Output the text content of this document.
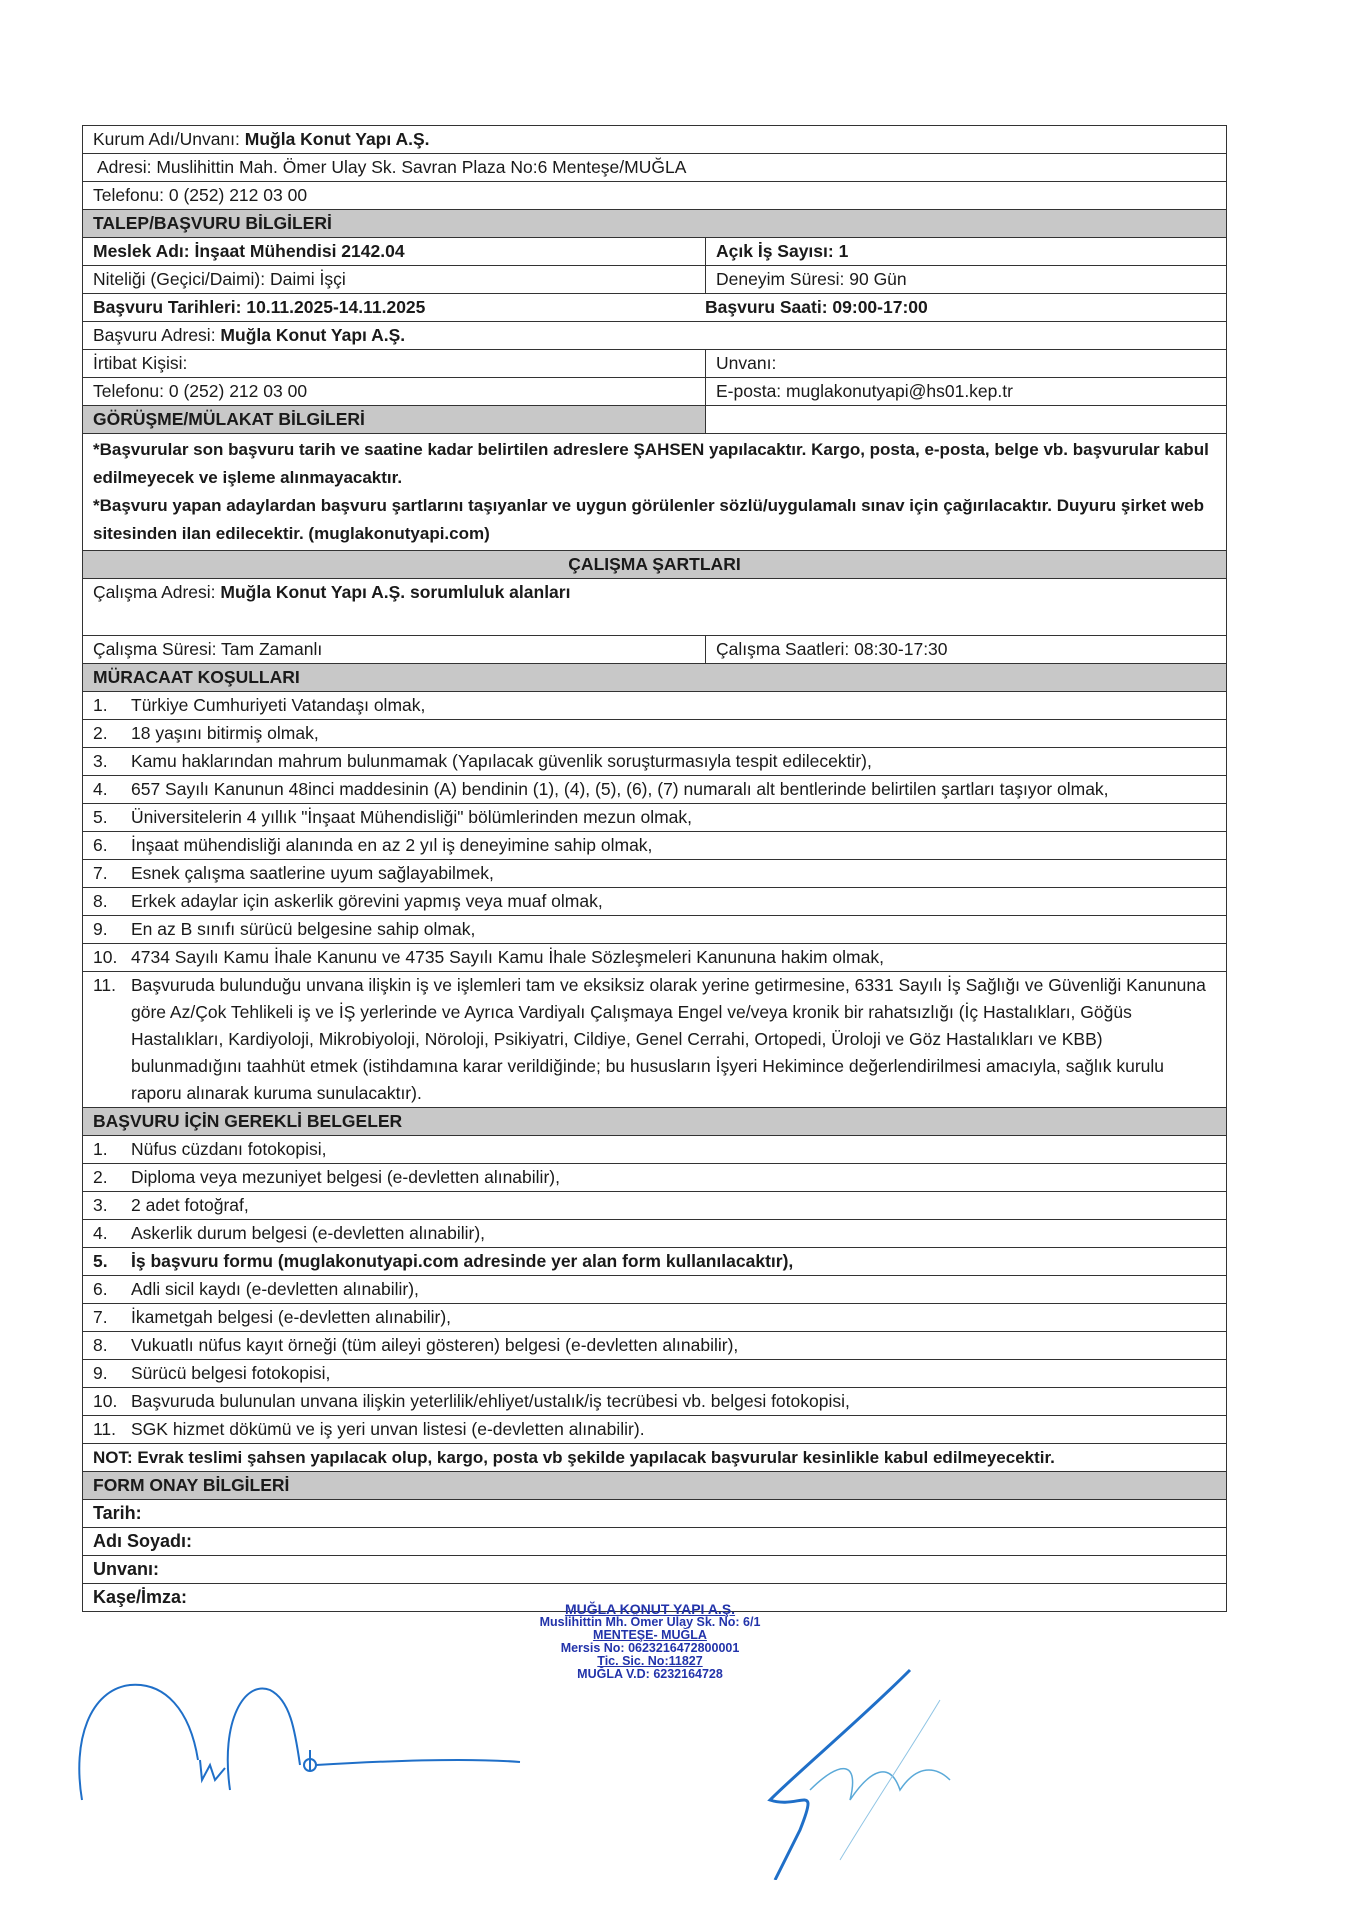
Kurum Adı/Unvanı: Muğla Konut Yapı A.Ş.
Adresi: Muslihittin Mah. Ömer Ulay Sk. Savran Plaza No:6 Menteşe/MUĞLA
Telefonu: 0 (252) 212 03 00
TALEP/BAŞVURU BİLGİLERİ
Meslek Adı: İnşaat Mühendisi 2142.04	Açık İş Sayısı: 1
Niteliği (Geçici/Daimi): Daimi İşçi	Deneyim Süresi: 90 Gün
Başvuru Tarihleri: 10.11.2025-14.11.2025	Başvuru Saati: 09:00-17:00
Başvuru Adresi: Muğla Konut Yapı A.Ş.
İrtibat Kişisi:	Unvanı:
Telefonu: 0 (252) 212 03 00	E-posta: muglakonutyapi@hs01.kep.tr
GÖRÜŞME/MÜLAKAT BİLGİLERİ
*Başvurular son başvuru tarih ve saatine kadar belirtilen adreslere ŞAHSEN yapılacaktır. Kargo, posta, e-posta, belge vb. başvurular kabul edilmeyecek ve işleme alınmayacaktır.
*Başvuru yapan adaylardan başvuru şartlarını taşıyanlar ve uygun görülenler sözlü/uygulamalı sınav için çağırılacaktır. Duyuru şirket web sitesinden ilan edilecektir. (muglakonutyapi.com)
ÇALIŞMA ŞARTLARI
Çalışma Adresi: Muğla Konut Yapı A.Ş. sorumluluk alanları
Çalışma Süresi: Tam Zamanlı	Çalışma Saatleri: 08:30-17:30
MÜRACAAT KOŞULLARI
1.	Türkiye Cumhuriyeti Vatandaşı olmak,
2.	18 yaşını bitirmiş olmak,
3.	Kamu haklarından mahrum bulunmamak (Yapılacak güvenlik soruşturmasıyla tespit edilecektir),
4.	657 Sayılı Kanunun 48inci maddesinin (A) bendinin (1), (4), (5), (6), (7) numaralı alt bentlerinde belirtilen şartları taşıyor olmak,
5.	Üniversitelerin 4 yıllık "İnşaat Mühendisliği" bölümlerinden mezun olmak,
6.	İnşaat mühendisliği alanında en az 2 yıl iş deneyimine sahip olmak,
7.	Esnek çalışma saatlerine uyum sağlayabilmek,
8.	Erkek adaylar için askerlik görevini yapmış veya muaf olmak,
9.	En az B sınıfı sürücü belgesine sahip olmak,
10. 4734 Sayılı Kamu İhale Kanunu ve 4735 Sayılı Kamu İhale Sözleşmeleri Kanununa hakim olmak,
11. Başvuruda bulunduğu unvana ilişkin iş ve işlemleri tam ve eksiksiz olarak yerine getirmesine, 6331 Sayılı İş Sağlığı ve Güvenliği Kanununa göre Az/Çok Tehlikeli iş ve İŞ yerlerinde ve Ayrıca Vardiyalı Çalışmaya Engel ve/veya kronik bir rahatsızlığı (İç Hastalıkları, Göğüs Hastalıkları, Kardiyoloji, Mikrobiyoloji, Nöroloji, Psikiyatri, Cildiye, Genel Cerrahi, Ortopedi, Üroloji ve Göz Hastalıkları ve KBB) bulunmadığını taahhüt etmek (istihdamına karar verildiğinde; bu hususların İşyeri Hekimince değerlendirilmesi amacıyla, sağlık kurulu raporu alınarak kuruma sunulacaktır).
BAŞVURU İÇİN GEREKLİ BELGELER
1.	Nüfus cüzdanı fotokopisi,
2.	Diploma veya mezuniyet belgesi (e-devletten alınabilir),
3.	2 adet fotoğraf,
4.	Askerlik durum belgesi (e-devletten alınabilir),
5.	İş başvuru formu (muglakonutyapi.com adresinde yer alan form kullanılacaktır),
6.	Adli sicil kaydı (e-devletten alınabilir),
7.	İkametgah belgesi (e-devletten alınabilir),
8.	Vukuatlı nüfus kayıt örneği (tüm aileyi gösteren) belgesi (e-devletten alınabilir),
9.	Sürücü belgesi fotokopisi,
10. Başvuruda bulunulan unvana ilişkin yeterlilik/ehliyet/ustalık/iş tecrübesi vb. belgesi fotokopisi,
11. SGK hizmet dökümü ve iş yeri unvan listesi (e-devletten alınabilir).
NOT: Evrak teslimi şahsen yapılacak olup, kargo, posta vb şekilde yapılacak başvurular kesinlikle kabul edilmeyecektir.
FORM ONAY BİLGİLERİ
Tarih:
Adı Soyadı:
Unvanı:
Kaşe/İmza:
MUĞLA KONUT YAPI A.Ş.
Muslihittin Mh. Ömer Ulay Sk. No: 6/1
MENTEŞE- MUĞLA
Mersis No: 0623216472800001
Tic. Sic. No:11827
MUĞLA V.D: 6232164728
